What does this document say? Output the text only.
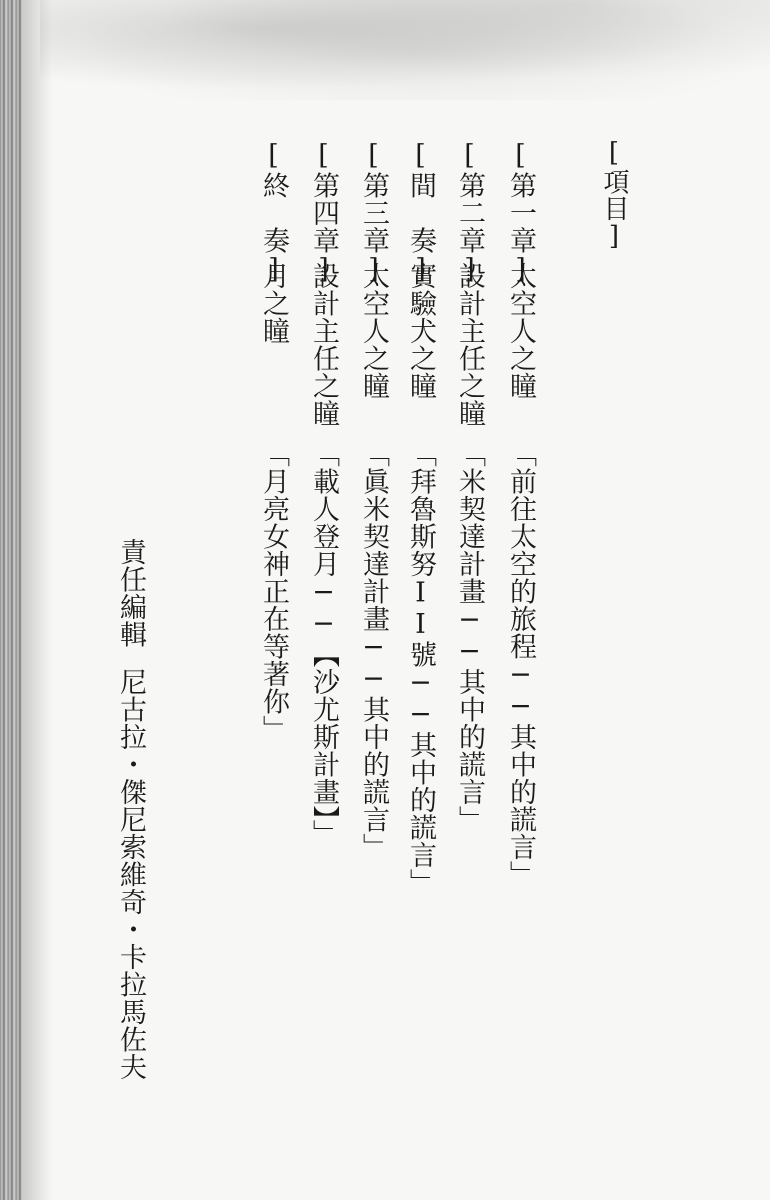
[項目]
[第一章]
太空人之瞳
「前往太空的旅程──其中的謊言」
[第二章]
設計主任之瞳
「米契達計畫──其中的謊言」
[間　奏]
實驗犬之瞳
「拜魯斯努II號──其中的謊言」
[第三章]
太空人之瞳
「眞米契達計畫──其中的謊言」
[第四章]
設計主任之瞳
「載人登月──【沙尤斯計畫】」
[終　奏]
月之瞳
「月亮女神正在等著你」
責任編輯
尼古拉・傑尼索維奇・卡拉馬佐夫
